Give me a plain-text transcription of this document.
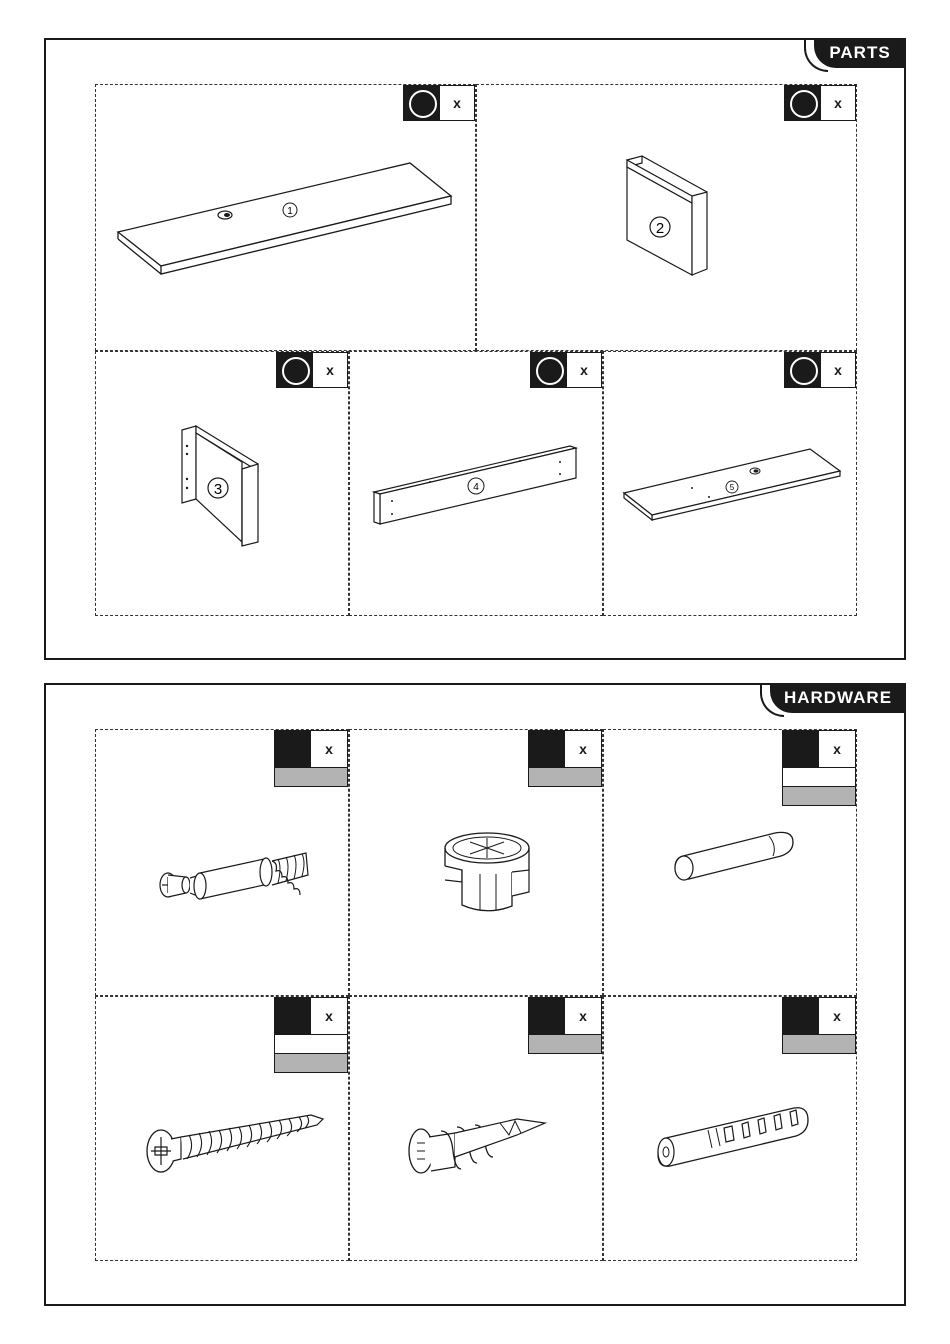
PARTS
x
1
x
2
x
3
x
4
x
5
HARDWARE
x	x	x
x	x	x
